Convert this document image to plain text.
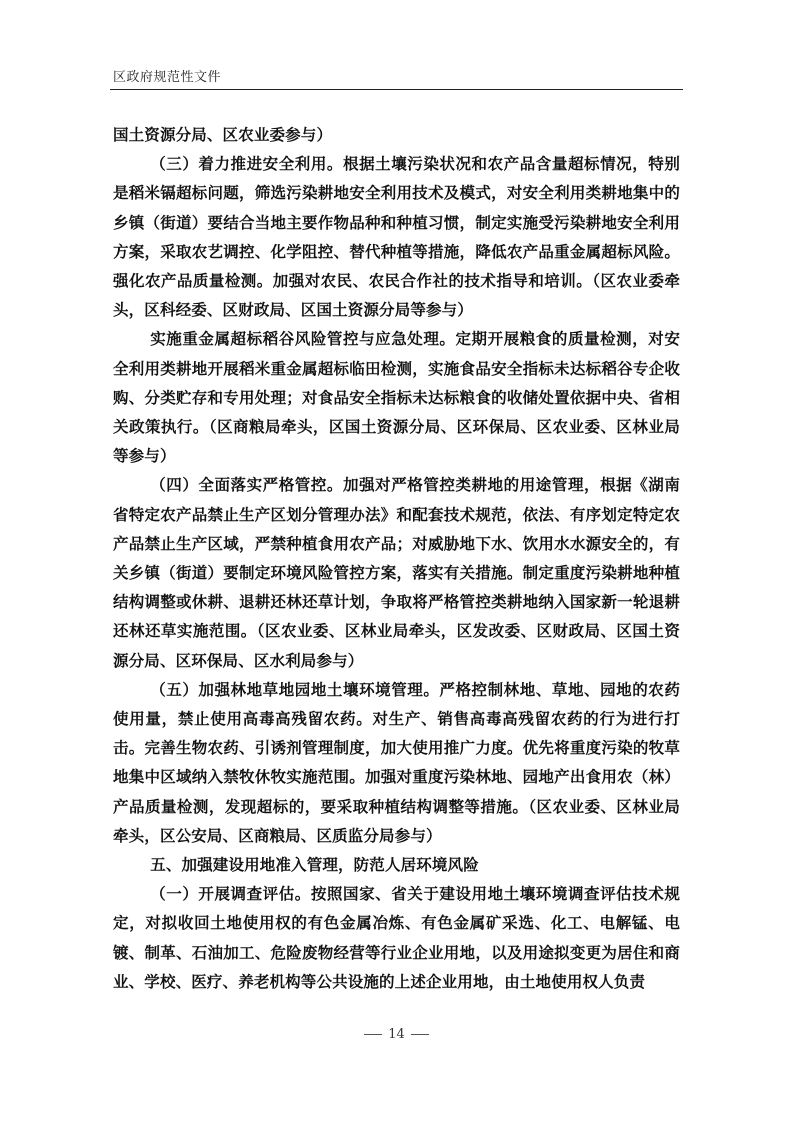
区政府规范性文件

国土资源分局、区农业委参与）

（三）着力推进安全利用。根据土壤污染状况和农产品含量超标情况，特别是稻米镉超标问题，筛选污染耕地安全利用技术及模式，对安全利用类耕地集中的乡镇（街道）要结合当地主要作物品种和种植习惯，制定实施受污染耕地安全利用方案，采取农艺调控、化学阻控、替代种植等措施，降低农产品重金属超标风险。强化农产品质量检测。加强对农民、农民合作社的技术指导和培训。（区农业委牵头，区科经委、区财政局、区国土资源分局等参与）

实施重金属超标稻谷风险管控与应急处理。定期开展粮食的质量检测，对安全利用类耕地开展稻米重金属超标临田检测，实施食品安全指标未达标稻谷专企收购、分类贮存和专用处理；对食品安全指标未达标粮食的收储处置依据中央、省相关政策执行。（区商粮局牵头，区国土资源分局、区环保局、区农业委、区林业局等参与）

（四）全面落实严格管控。加强对严格管控类耕地的用途管理，根据《湖南省特定农产品禁止生产区划分管理办法》和配套技术规范，依法、有序划定特定农产品禁止生产区域，严禁种植食用农产品；对威胁地下水、饮用水水源安全的，有关乡镇（街道）要制定环境风险管控方案，落实有关措施。制定重度污染耕地种植结构调整或休耕、退耕还林还草计划，争取将严格管控类耕地纳入国家新一轮退耕还林还草实施范围。（区农业委、区林业局牵头，区发改委、区财政局、区国土资源分局、区环保局、区水利局参与）

（五）加强林地草地园地土壤环境管理。严格控制林地、草地、园地的农药使用量，禁止使用高毒高残留农药。对生产、销售高毒高残留农药的行为进行打击。完善生物农药、引诱剂管理制度，加大使用推广力度。优先将重度污染的牧草地集中区域纳入禁牧休牧实施范围。加强对重度污染林地、园地产出食用农（林）产品质量检测，发现超标的，要采取种植结构调整等措施。（区农业委、区林业局牵头，区公安局、区商粮局、区质监分局参与）

五、加强建设用地准入管理，防范人居环境风险

（一）开展调查评估。按照国家、省关于建设用地土壤环境调查评估技术规定，对拟收回土地使用权的有色金属冶炼、有色金属矿采选、化工、电解锰、电镀、制革、石油加工、危险废物经营等行业企业用地，以及用途拟变更为居住和商业、学校、医疗、养老机构等公共设施的上述企业用地，由土地使用权人负责

14
